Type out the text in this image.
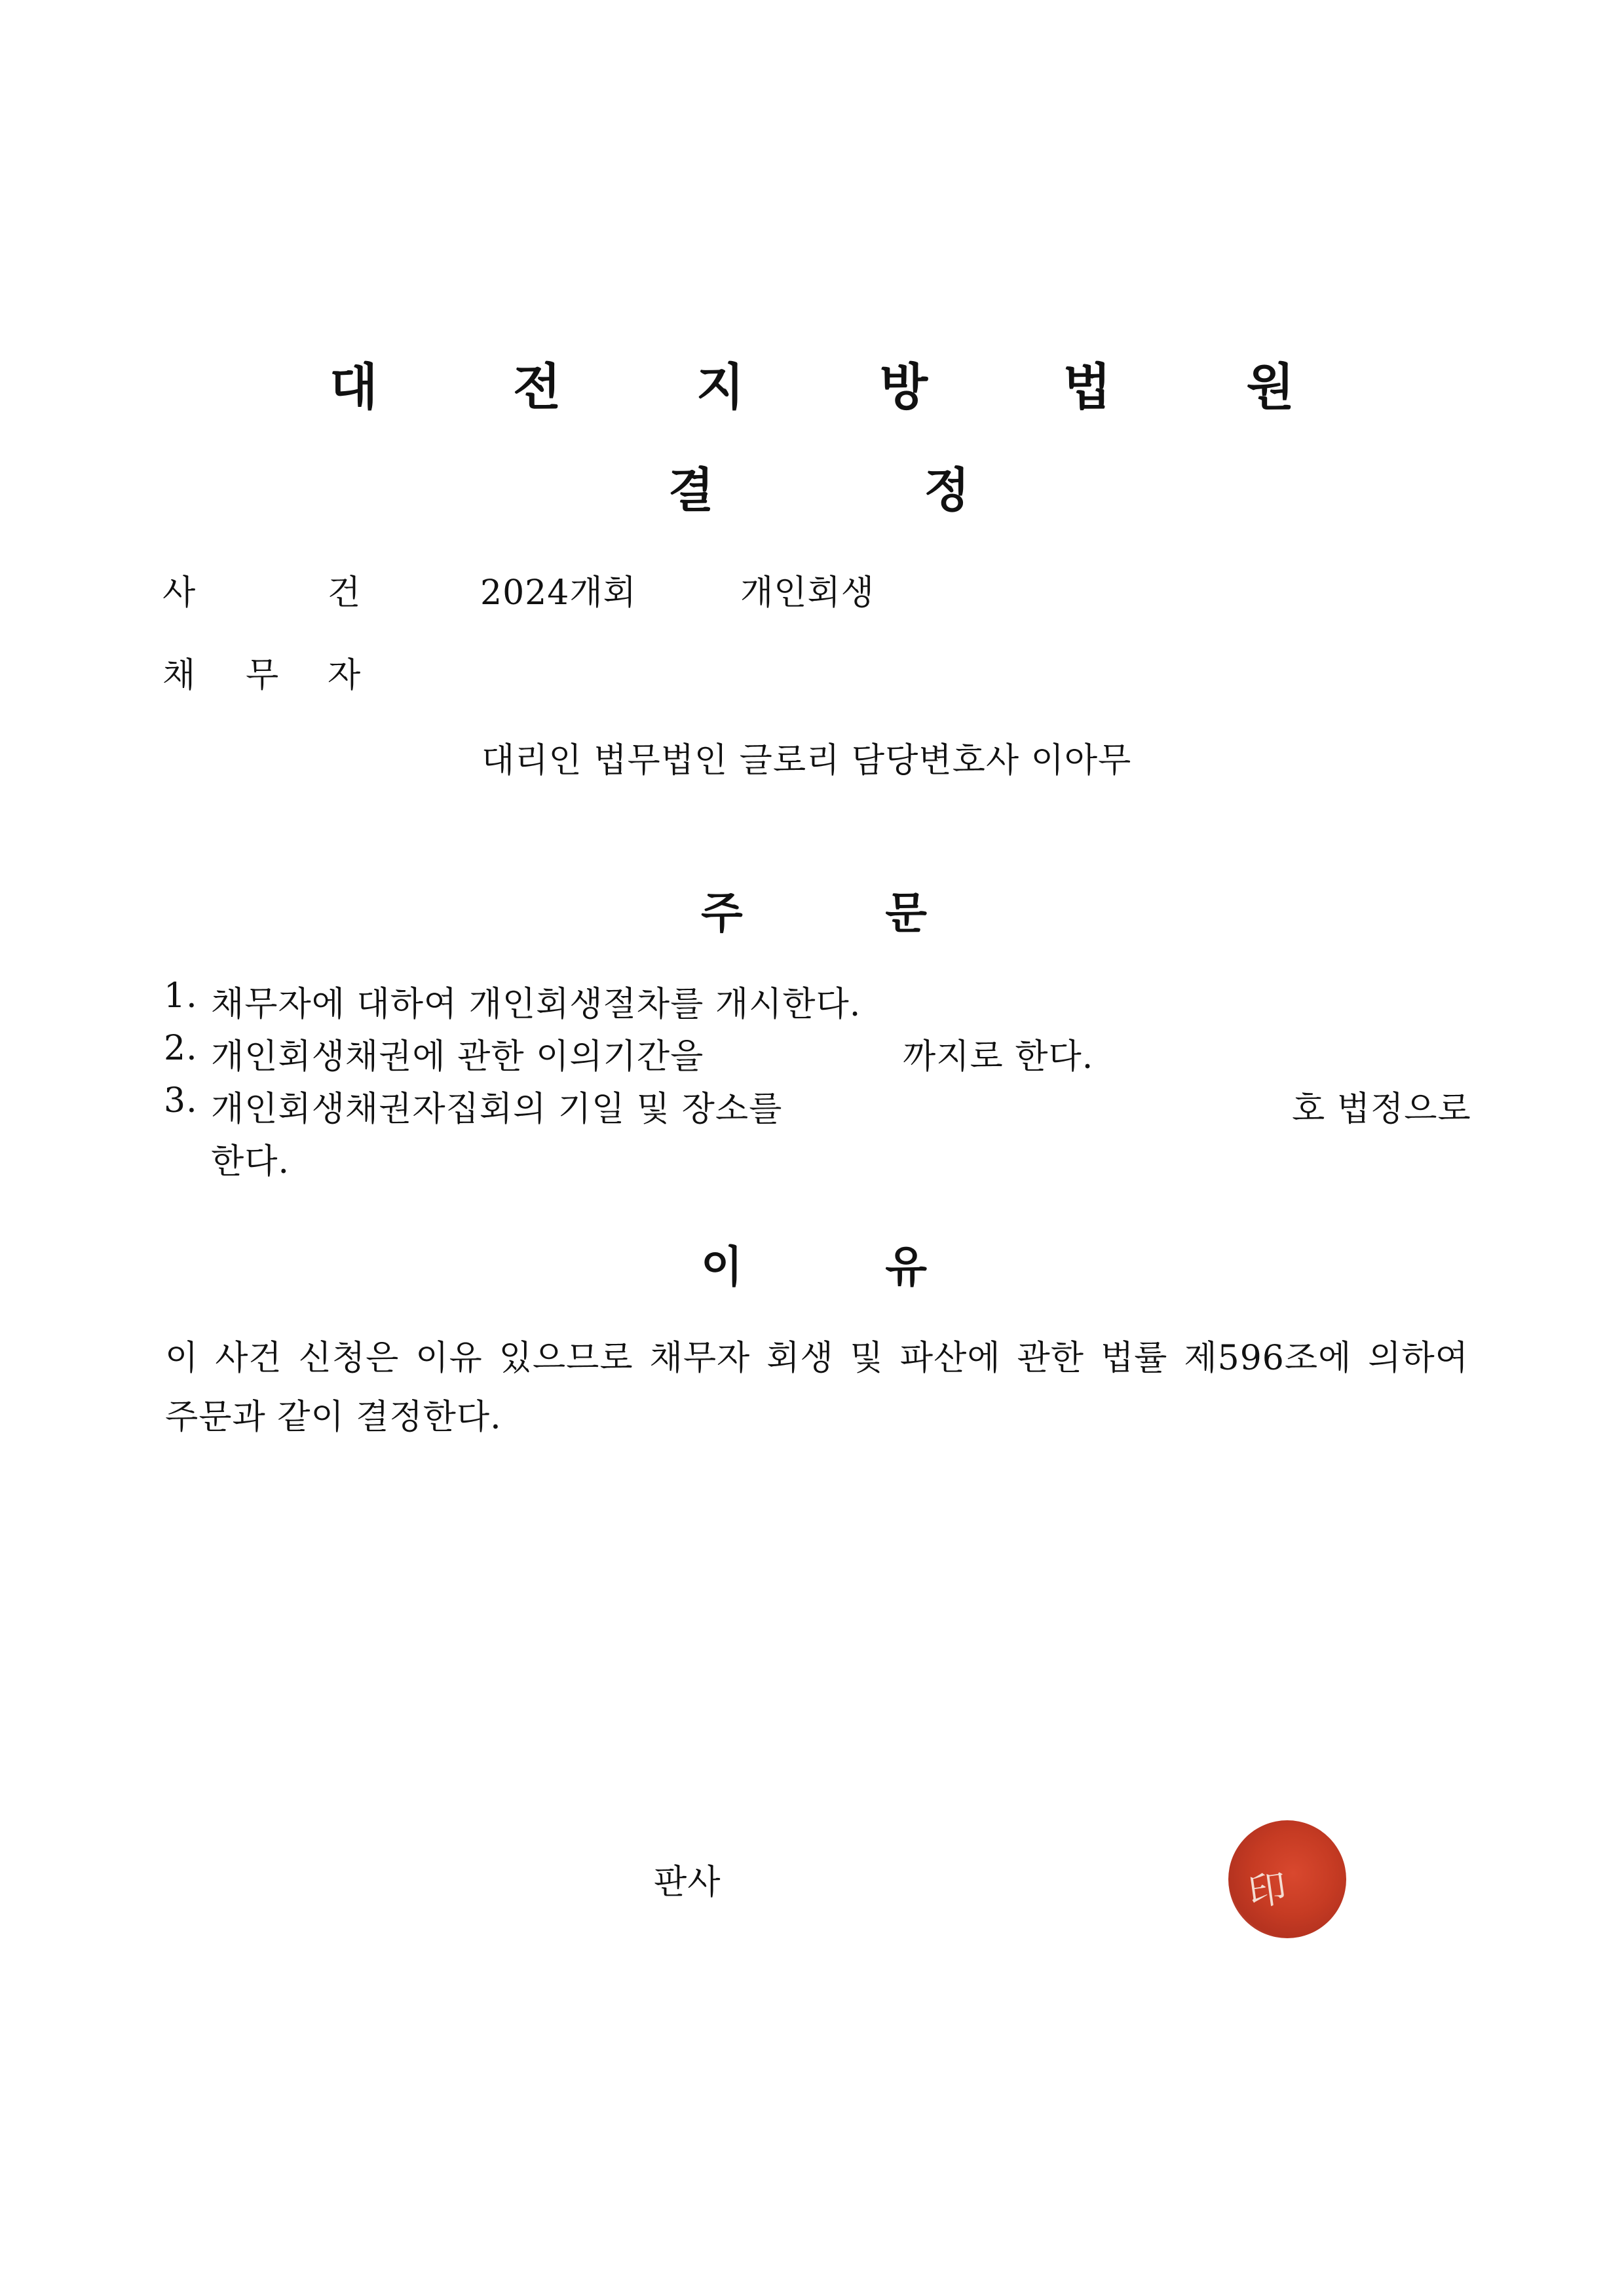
대 전 지 방 법 원
결	정
사	건	2024개회	개인회생
채 무 자
대리인 법무법인 글로리 담당변호사 이아무
주	문
1. 채무자에 대하여 개인회생절차를 개시한다.
2. 개인회생채권에 관한 이의기간을	까지로 한다.
3. 개인회생채권자집회의 기일 및 장소를	호 법정으로
한다.
이	유
이 사건 신청은 이유 있으므로 채무자 회생 및 파산에 관한 법률 제596조에 의하여
주문과 같이 결정한다.
판사	印
